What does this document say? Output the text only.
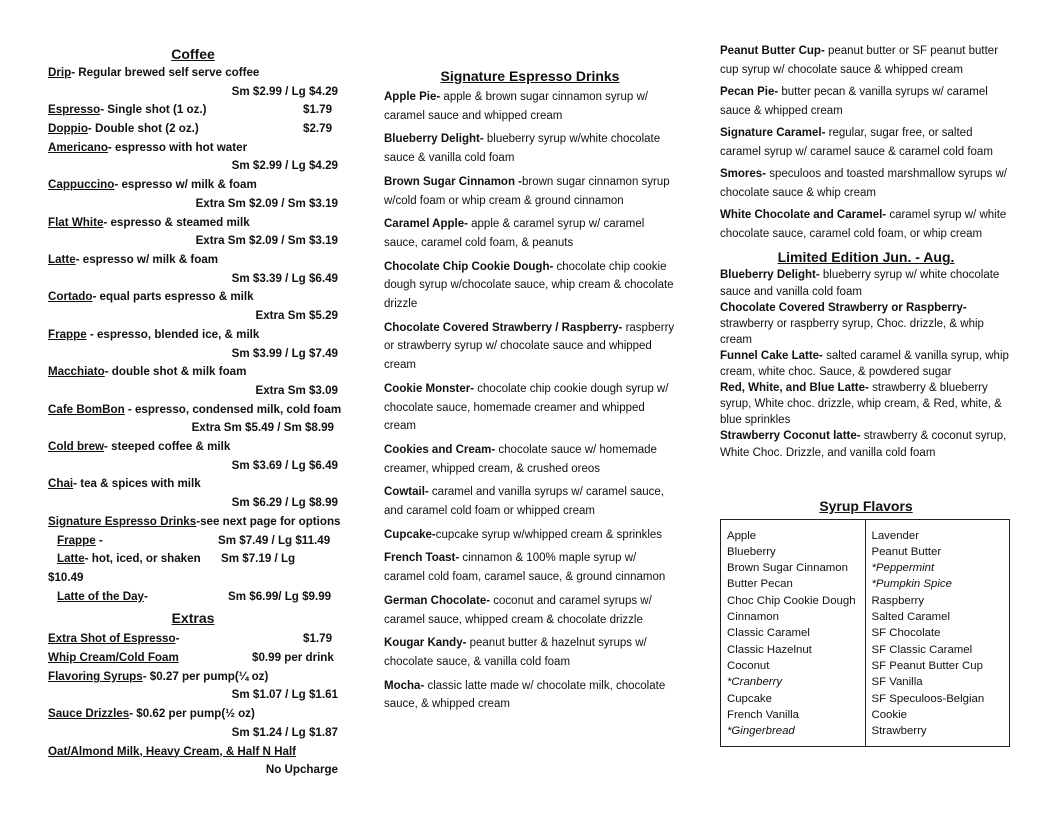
Coffee
Drip- Regular brewed self serve coffee
Sm $2.99 / Lg $4.29
Espresso- Single shot (1 oz.)	$1.79
Doppio- Double shot (2 oz.)	$2.79
Americano- espresso with hot water
Sm $2.99 / Lg $4.29
Cappuccino- espresso w/ milk & foam
Extra Sm $2.09 / Sm $3.19
Flat White- espresso & steamed milk
Extra Sm $2.09 / Sm $3.19
Latte- espresso w/ milk & foam
Sm $3.39 / Lg $6.49
Cortado- equal parts espresso & milk
Extra Sm $5.29
Frappe - espresso, blended ice, & milk
Sm $3.99 / Lg $7.49
Macchiato- double shot & milk foam
Extra Sm $3.09
Cafe BomBon - espresso, condensed milk, cold foam
Extra Sm $5.49 / Sm $8.99
Cold brew- steeped coffee & milk
Sm $3.69 / Lg $6.49
Chai- tea & spices with milk
Sm $6.29 / Lg $8.99
Signature Espresso Drinks-see next page for options
Frappe -	Sm $7.49 / Lg $11.49
Latte- hot, iced, or shaken Sm $7.19 / Lg
$10.49
Latte of the Day-	Sm $6.99/ Lg $9.99
Extras
Extra Shot of Espresso-	$1.79
Whip Cream/Cold Foam	$0.99 per drink
Flavoring Syrups- $0.27 per pump(¼ oz)
Sm $1.07 / Lg $1.61
Sauce Drizzles- $0.62 per pump(½ oz)
Sm $1.24 / Lg $1.87
Oat/Almond Milk, Heavy Cream, & Half N Half
No Upcharge
Signature Espresso Drinks
Apple Pie- apple & brown sugar cinnamon syrup w/ caramel sauce and whipped cream
Blueberry Delight- blueberry syrup w/white chocolate sauce & vanilla cold foam
Brown Sugar Cinnamon -brown sugar cinnamon syrup w/cold foam or whip cream & ground cinnamon
Caramel Apple- apple & caramel syrup w/ caramel sauce, caramel cold foam, & peanuts
Chocolate Chip Cookie Dough- chocolate chip cookie dough syrup w/chocolate sauce, whip cream & chocolate drizzle
Chocolate Covered Strawberry / Raspberry- raspberry or strawberry syrup w/ chocolate sauce and whipped cream
Cookie Monster- chocolate chip cookie dough syrup w/ chocolate sauce, homemade creamer and whipped cream
Cookies and Cream- chocolate sauce w/ homemade creamer, whipped cream, & crushed oreos
Cowtail- caramel and vanilla syrups w/ caramel sauce, and caramel cold foam or whipped cream
Cupcake-cupcake syrup w/whipped cream & sprinkles
French Toast- cinnamon & 100% maple syrup w/ caramel cold foam, caramel sauce, & ground cinnamon
German Chocolate- coconut and caramel syrups w/ caramel sauce, whipped cream & chocolate drizzle
Kougar Kandy- peanut butter & hazelnut syrups w/ chocolate sauce, & vanilla cold foam
Mocha- classic latte made w/ chocolate milk, chocolate sauce, & whipped cream
Peanut Butter Cup- peanut butter or SF peanut butter cup syrup w/ chocolate sauce & whipped cream
Pecan Pie- butter pecan & vanilla syrups w/ caramel sauce & whipped cream
Signature Caramel- regular, sugar free, or salted caramel syrup w/ caramel sauce & caramel cold foam
Smores- speculoos and toasted marshmallow syrups w/ chocolate sauce & whip cream
White Chocolate and Caramel- caramel syrup w/ white chocolate sauce, caramel cold foam, or whip cream
Limited Edition Jun. - Aug.
Blueberry Delight- blueberry syrup w/ white chocolate sauce and vanilla cold foam
Chocolate Covered Strawberry or Raspberry- strawberry or raspberry syrup, Choc. drizzle, & whip cream
Funnel Cake Latte- salted caramel & vanilla syrup, whip cream, white choc. Sauce, & powdered sugar
Red, White, and Blue Latte- strawberry & blueberry syrup, White choc. drizzle, whip cream, & Red, white, & blue sprinkles
Strawberry Coconut latte- strawberry & coconut syrup, White Choc. Drizzle, and vanilla cold foam
Syrup Flavors
Apple
Blueberry
Brown Sugar Cinnamon
Butter Pecan
Choc Chip Cookie Dough
Cinnamon
Classic Caramel
Classic Hazelnut
Coconut
*Cranberry
Cupcake
French Vanilla
*Gingerbread
Lavender
Peanut Butter
*Peppermint
*Pumpkin Spice
Raspberry
Salted Caramel
SF Chocolate
SF Classic Caramel
SF Peanut Butter Cup
SF Vanilla
SF Speculoos-Belgian
Cookie
Strawberry
